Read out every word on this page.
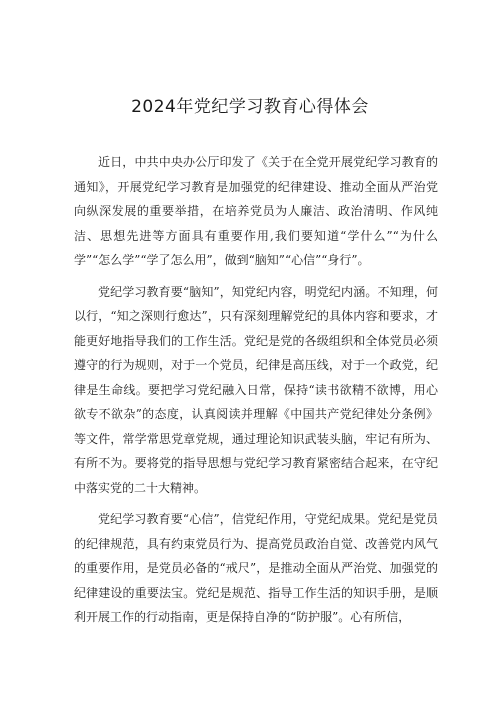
2024年党纪学习教育心得体会

近日，中共中央办公厅印发了《关于在全党开展党纪学习教育的通知》，开展党纪学习教育是加强党的纪律建设、推动全面从严治党向纵深发展的重要举措，在培养党员为人廉洁、政治清明、作风纯洁、思想先进等方面具有重要作用,我们要知道“学什么”“为什么学”“怎么学”“学了怎么用”，做到“脑知”“心信”“身行”。

党纪学习教育要“脑知”，知党纪内容，明党纪内涵。不知理，何以行，“知之深则行愈达”，只有深刻理解党纪的具体内容和要求，才能更好地指导我们的工作生活。党纪是党的各级组织和全体党员必须遵守的行为规则，对于一个党员，纪律是高压线，对于一个政党，纪律是生命线。要把学习党纪融入日常，保持“读书欲精不欲博，用心欲专不欲杂”的态度，认真阅读并理解《中国共产党纪律处分条例》等文件，常学常思党章党规，通过理论知识武装头脑，牢记有所为、有所不为。要将党的指导思想与党纪学习教育紧密结合起来，在守纪中落实党的二十大精神。

党纪学习教育要“心信”，信党纪作用，守党纪成果。党纪是党员的纪律规范，具有约束党员行为、提高党员政治自觉、改善党内风气的重要作用，是党员必备的“戒尺”，是推动全面从严治党、加强党的纪律建设的重要法宝。党纪是规范、指导工作生活的知识手册，是顺利开展工作的行动指南，更是保持自净的“防护服”。心有所信，
